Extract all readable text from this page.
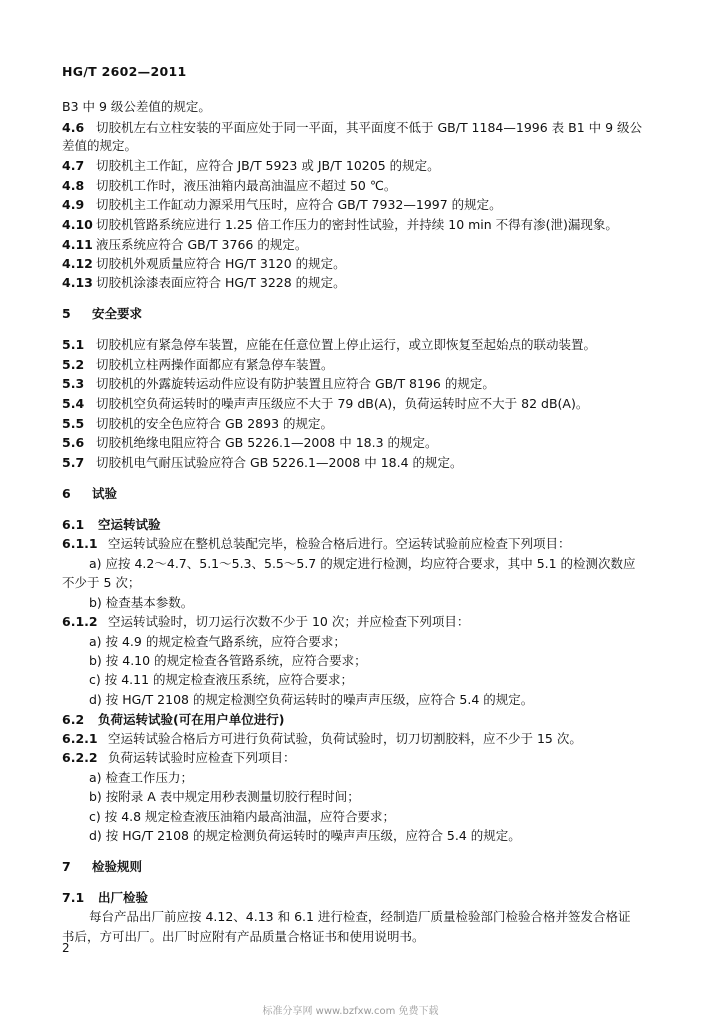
HG/T 2602—2011
B3 中 9 级公差值的规定。
4.6 切胶机左右立柱安装的平面应处于同一平面，其平面度不低于 GB/T 1184—1996 表 B1 中 9 级公
差值的规定。
4.7 切胶机主工作缸，应符合 JB/T 5923 或 JB/T 10205 的规定。
4.8 切胶机工作时，液压油箱内最高油温应不超过 50 ℃。
4.9 切胶机主工作缸动力源采用气压时，应符合 GB/T 7932—1997 的规定。
4.10 切胶机管路系统应进行 1.25 倍工作压力的密封性试验，并持续 10 min 不得有渗(泄)漏现象。
4.11 液压系统应符合 GB/T 3766 的规定。
4.12 切胶机外观质量应符合 HG/T 3120 的规定。
4.13 切胶机涂漆表面应符合 HG/T 3228 的规定。
5 安全要求
5.1 切胶机应有紧急停车装置，应能在任意位置上停止运行，或立即恢复至起始点的联动装置。
5.2 切胶机立柱两操作面都应有紧急停车装置。
5.3 切胶机的外露旋转运动件应设有防护装置且应符合 GB/T 8196 的规定。
5.4 切胶机空负荷运转时的噪声声压级应不大于 79 dB(A)，负荷运转时应不大于 82 dB(A)。
5.5 切胶机的安全色应符合 GB 2893 的规定。
5.6 切胶机绝缘电阻应符合 GB 5226.1—2008 中 18.3 的规定。
5.7 切胶机电气耐压试验应符合 GB 5226.1—2008 中 18.4 的规定。
6 试验
6.1 空运转试验
6.1.1 空运转试验应在整机总装配完毕，检验合格后进行。空运转试验前应检查下列项目：
a) 应按 4.2～4.7、5.1～5.3、5.5～5.7 的规定进行检测，均应符合要求，其中 5.1 的检测次数应
不少于 5 次；
b) 检查基本参数。
6.1.2 空运转试验时，切刀运行次数不少于 10 次；并应检查下列项目：
a) 按 4.9 的规定检查气路系统，应符合要求；
b) 按 4.10 的规定检查各管路系统，应符合要求；
c) 按 4.11 的规定检查液压系统，应符合要求；
d) 按 HG/T 2108 的规定检测空负荷运转时的噪声声压级，应符合 5.4 的规定。
6.2 负荷运转试验(可在用户单位进行)
6.2.1 空运转试验合格后方可进行负荷试验，负荷试验时，切刀切割胶料，应不少于 15 次。
6.2.2 负荷运转试验时应检查下列项目：
a) 检查工作压力；
b) 按附录 A 表中规定用秒表测量切胶行程时间；
c) 按 4.8 规定检查液压油箱内最高油温，应符合要求；
d) 按 HG/T 2108 的规定检测负荷运转时的噪声声压级，应符合 5.4 的规定。
7 检验规则
7.1 出厂检验
每台产品出厂前应按 4.12、4.13 和 6.1 进行检查，经制造厂质量检验部门检验合格并签发合格证
书后，方可出厂。出厂时应附有产品质量合格证书和使用说明书。
2
标准分享网 www.bzfxw.com 免费下载
